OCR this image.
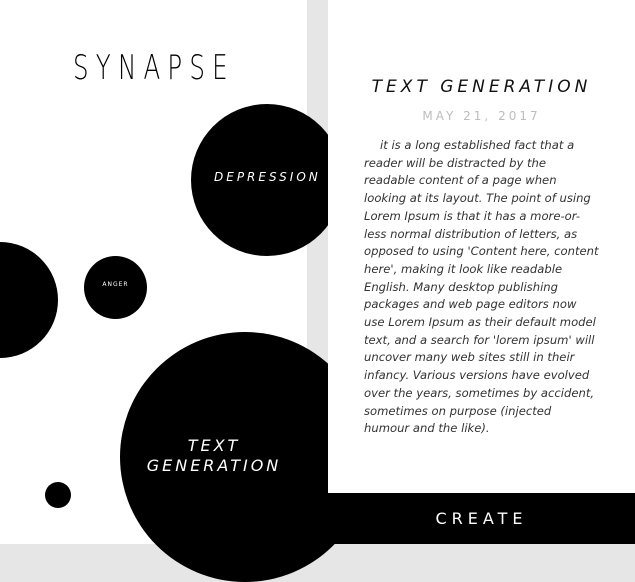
SYNAPSE
DEPRESSION
ANGER
TEXT GENERATION
TEXT GENERATION
MAY 21, 2017

it is a long established fact that a reader will be distracted by the readable content of a page when looking at its layout. The point of using Lorem Ipsum is that it has a more-or-less normal distribution of letters, as opposed to using 'Content here, content here', making it look like readable English. Many desktop publishing packages and web page editors now use Lorem Ipsum as their default model text, and a search for 'lorem ipsum' will uncover many web sites still in their infancy. Various versions have evolved over the years, sometimes by accident, sometimes on purpose (injected humour and the like).

CREATE
